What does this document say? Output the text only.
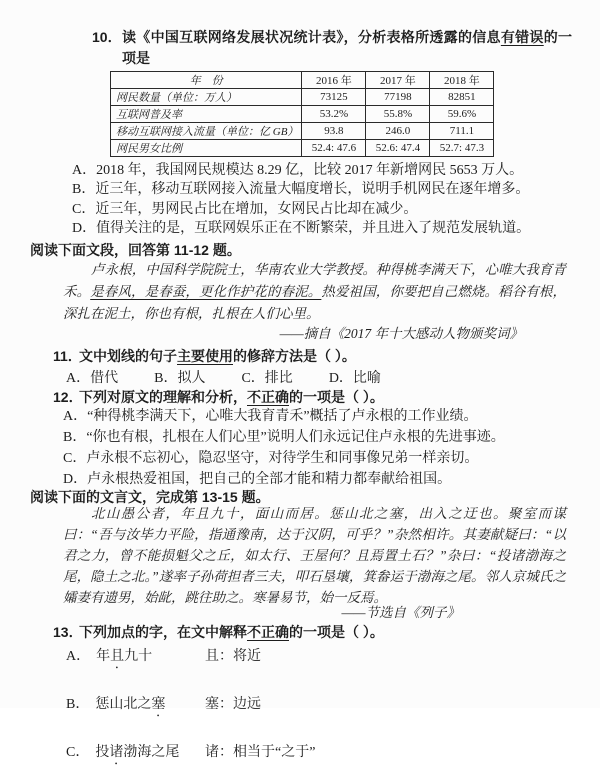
10． 读《中国互联网络发展状况统计表》，分析表格所透露的信息有错误的一项是
年　份	2016 年	2017 年	2018 年
网民数量（单位：万人）	73125	77198	82851
互联网普及率	53.2%	55.8%	59.6%
移动互联网接入流量（单位：亿 GB）	93.8	246.0	711.1
网民男女比例	52.4: 47.6	52.6: 47.4	52.7: 47.3
A．2018 年，我国网民规模达 8.29 亿，比较 2017 年新增网民 5653 万人。
B．近三年，移动互联网接入流量大幅度增长，说明手机网民在逐年增多。
C．近三年，男网民占比在增加，女网民占比却在减少。
D．值得关注的是，互联网娱乐正在不断繁荣，并且进入了规范发展轨道。
阅读下面文段，回答第 11-12 题。
卢永根，中国科学院院士，华南农业大学教授。种得桃李满天下，心唯大我育青禾。是春风，是春蚕，更化作护花的春泥。热爱祖国，你要把自己燃烧。稻谷有根，深扎在泥土，你也有根，扎根在人们心里。
——摘自《2017 年十大感动人物颁奖词》
11．
文中划线的句子主要使用的修辞方法是（ ）。
A．借代	B．拟人	C．排比	D．比喻
12．
下列对原文的理解和分析，不正确的一项是（ ）。
A．“种得桃李满天下，心唯大我育青禾”概括了卢永根的工作业绩。
B．“你也有根，扎根在人们心里”说明人们永远记住卢永根的先进事迹。
C．卢永根不忘初心，隐忍坚守，对待学生和同事像兄弟一样亲切。
D．卢永根热爱祖国，把自己的全部才能和精力都奉献给祖国。
阅读下面的文言文，完成第 13-15 题。
北山愚公者，年且九十，面山而居。惩山北之塞，出入之迂也。聚室而谋曰：“吾与汝毕力平险，指通豫南，达于汉阴，可乎？”杂然相许。其妻献疑曰：“以君之力，曾不能损魁父之丘，如太行、王屋何？且焉置土石？”杂曰：“投诸渤海之尾，隐土之北。”遂率子孙荷担者三夫，叩石垦壤，箕畚运于渤海之尾。邻人京城氏之孀妻有遗男，始龀，跳往助之。寒暑易节，始一反焉。
——节选自《列子》
13．
下列加点的字，在文中解释不正确的一项是（ ）。
A． 年且九十	且：将近
B． 惩山北之塞	塞：边远
C． 投诸渤海之尾 诸：相当于“之于”
